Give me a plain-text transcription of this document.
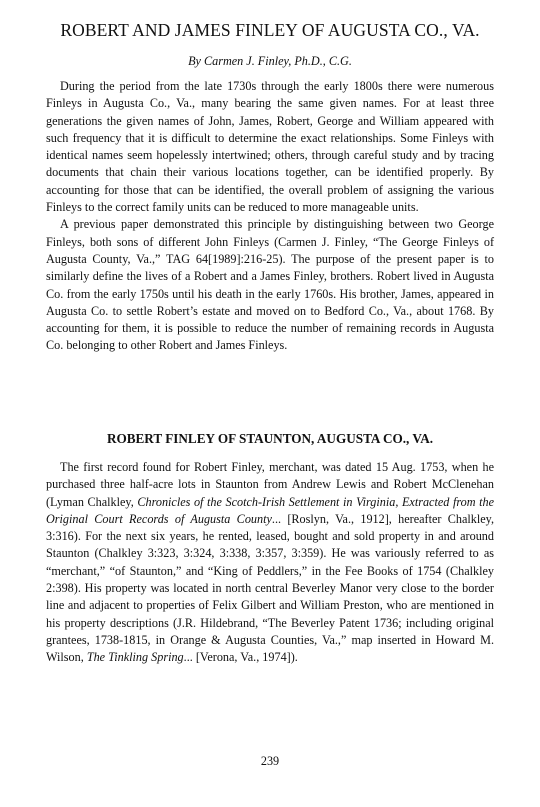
ROBERT AND JAMES FINLEY OF AUGUSTA CO., VA.

By Carmen J. Finley, Ph.D., C.G.

During the period from the late 1730s through the early 1800s there were numerous Finleys in Augusta Co., Va., many bearing the same given names. For at least three generations the given names of John, James, Robert, George and William appeared with such frequency that it is difficult to determine the exact relationships. Some Finleys with identical names seem hopelessly intertwined; others, through careful study and by tracing documents that chain their various locations together, can be identified properly. By accounting for those that can be identified, the overall problem of assigning the various Finleys to the correct family units can be reduced to more manageable units.

A previous paper demonstrated this principle by distinguishing between two George Finleys, both sons of different John Finleys (Carmen J. Finley, “The George Finleys of Augusta County, Va.,” TAG 64[1989]:216-25). The purpose of the present paper is to similarly define the lives of a Robert and a James Finley, brothers. Robert lived in Augusta Co. from the early 1750s until his death in the early 1760s. His brother, James, appeared in Augusta Co. to settle Robert’s estate and moved on to Bedford Co., Va., about 1768. By accounting for them, it is possible to reduce the number of remaining records in Augusta Co. belonging to other Robert and James Finleys.

ROBERT FINLEY OF STAUNTON, AUGUSTA CO., VA.

The first record found for Robert Finley, merchant, was dated 15 Aug. 1753, when he purchased three half-acre lots in Staunton from Andrew Lewis and Robert McClenehan (Lyman Chalkley, Chronicles of the Scotch-Irish Settlement in Virginia, Extracted from the Original Court Records of Augusta County... [Roslyn, Va., 1912], hereafter Chalkley, 3:316). For the next six years, he rented, leased, bought and sold property in and around Staunton (Chalkley 3:323, 3:324, 3:338, 3:357, 3:359). He was variously referred to as “merchant,” “of Staunton,” and “King of Peddlers,” in the Fee Books of 1754 (Chalkley 2:398). His property was located in north central Beverley Manor very close to the border line and adjacent to properties of Felix Gilbert and William Preston, who are mentioned in his property descriptions (J.R. Hildebrand, “The Beverley Patent 1736; including original grantees, 1738-1815, in Orange & Augusta Counties, Va.,” map inserted in Howard M. Wilson, The Tinkling Spring... [Verona, Va., 1974]).

239
